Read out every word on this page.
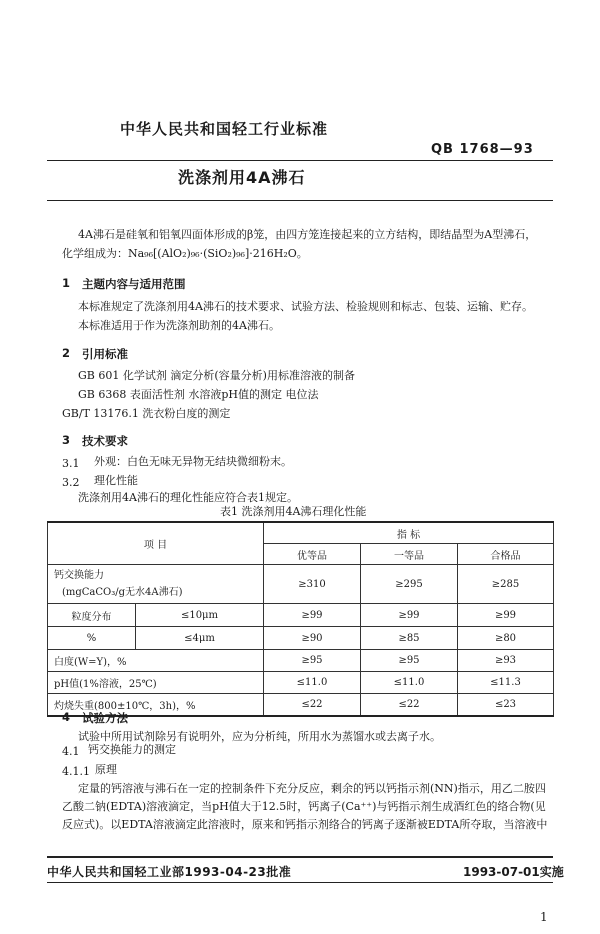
中华人民共和国轻工行业标准
QB 1768—93
洗涤剂用4A沸石
4A沸石是硅氧和铝氧四面体形成的β笼，由四方笼连接起来的立方结构，即结晶型为A型沸石，
化学组成为：Na₉₆[(AlO₂)₉₆·(SiO₂)₉₆]·216H₂O。
1 主题内容与适用范围
本标准规定了洗涤剂用4A沸石的技术要求、试验方法、检验规则和标志、包装、运输、贮存。
本标准适用于作为洗涤剂助剂的4A沸石。
2 引用标准
GB 601 化学试剂 滴定分析(容量分析)用标准溶液的制备
GB 6368 表面活性剂 水溶液pH值的测定 电位法
GB/T 13176.1 洗衣粉白度的测定
3 技术要求
3.1 外观：白色无味无异物无结块微细粉末。
3.2 理化性能
洗涤剂用4A沸石的理化性能应符合表1规定。
表1 洗涤剂用4A沸石理化性能
项 目		指 标		
		优等品	一等品	合格品

钙交换能力
(mgCaCO₃/g无水4A沸石)		≥310	≥295	≥285
粒度分布	≤10μm	≥99	≥99	≥99
%	≤4μm	≥90	≥85	≥80
白度(W=Y)，%		≥95	≥95	≥93
pH值(1%溶液，25℃)		≤11.0	≤11.0	≤11.3
灼烧失重(800±10℃，3h)，%		≤22	≤22	≤23
4 试验方法
试验中所用试剂除另有说明外，应为分析纯，所用水为蒸馏水或去离子水。
4.1 钙交换能力的测定
4.1.1 原理
定量的钙溶液与沸石在一定的控制条件下充分反应，剩余的钙以钙指示剂(NN)指示，用乙二胺四
乙酸二钠(EDTA)溶液滴定，当pH值大于12.5时，钙离子(Ca⁺⁺)与钙指示剂生成酒红色的络合物(见
反应式)。以EDTA溶液滴定此溶液时，原来和钙指示剂络合的钙离子逐渐被EDTA所夺取，当溶液中
中华人民共和国轻工业部1993-04-23批准	1993-07-01实施
1
